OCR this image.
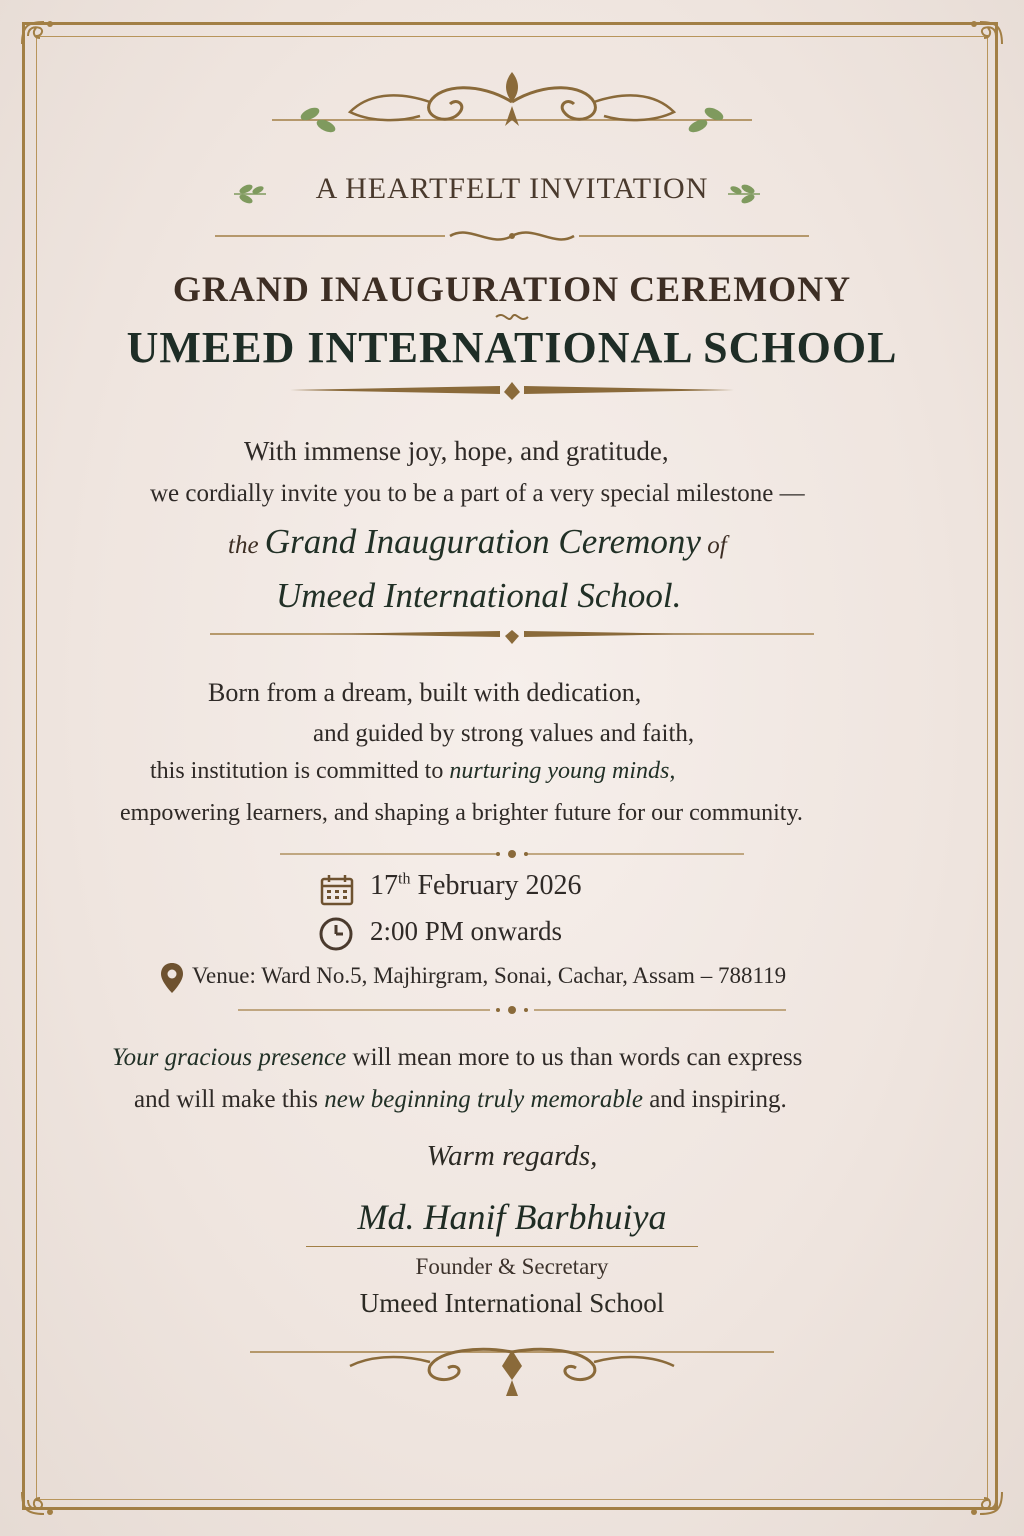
A HEARTFELT INVITATION
GRAND INAUGURATION CEREMONY
UMEED INTERNATIONAL SCHOOL
With immense joy, hope, and gratitude,
we cordially invite you to be a part of a very special milestone —
the Grand Inauguration Ceremony of
Umeed International School.
Born from a dream, built with dedication,
and guided by strong values and faith,
this institution is committed to nurturing young minds,
empowering learners, and shaping a brighter future for our community.
17th February 2026
2:00 PM onwards
Venue: Ward No.5, Majhirgram, Sonai, Cachar, Assam – 788119
Your gracious presence will mean more to us than words can express
and will make this new beginning truly memorable and inspiring.
Warm regards,
Md. Hanif Barbhuiya
Founder & Secretary
Umeed International School
